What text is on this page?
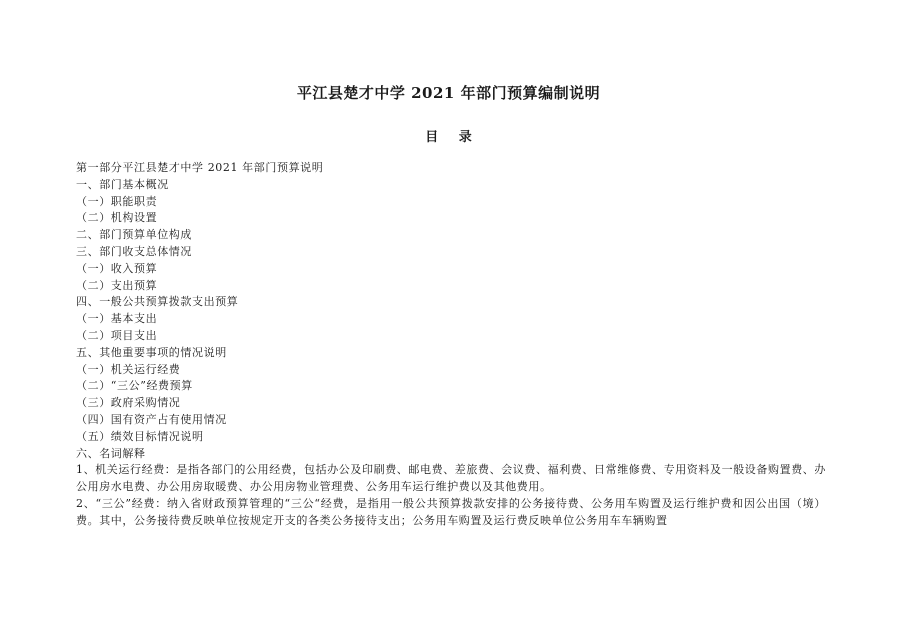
平江县楚才中学 2021 年部门预算编制说明
目 录
第一部分平江县楚才中学 2021 年部门预算说明
一、部门基本概况
（一）职能职责
（二）机构设置
二、部门预算单位构成
三、部门收支总体情况
（一）收入预算
（二）支出预算
四、一般公共预算拨款支出预算
（一）基本支出
（二）项目支出
五、其他重要事项的情况说明
（一）机关运行经费
（二）“三公”经费预算
（三）政府采购情况
（四）国有资产占有使用情况
（五）绩效目标情况说明
六、名词解释
1、机关运行经费：是指各部门的公用经费，包括办公及印刷费、邮电费、差旅费、会议费、福利费、日常维修费、专用资料及一般设备购置费、办公用房水电费、办公用房取暖费、办公用房物业管理费、公务用车运行维护费以及其他费用。
2、“三公”经费：纳入省财政预算管理的“三公“经费，是指用一般公共预算拨款安排的公务接待费、公务用车购置及运行维护费和因公出国（境）费。其中，公务接待费反映单位按规定开支的各类公务接待支出；公务用车购置及运行费反映单位公务用车车辆购置
